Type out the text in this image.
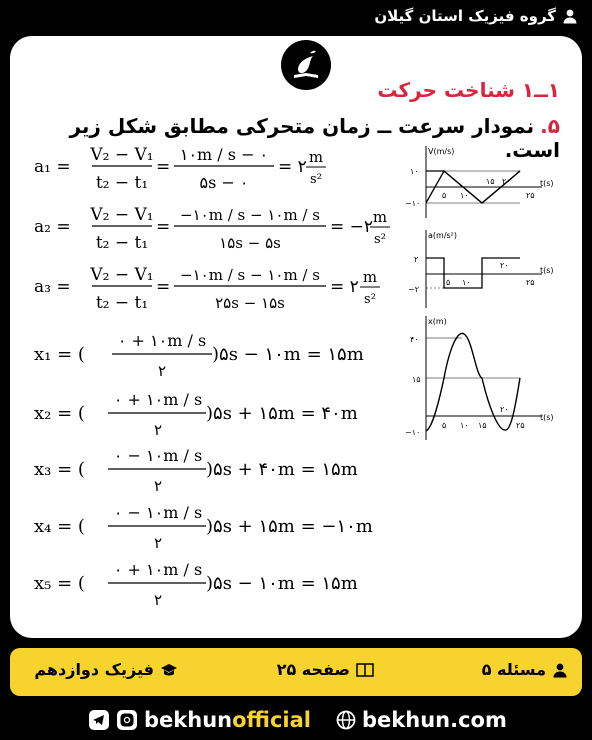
گروه فیزیک استان گیلان
۱ــ۱ شناخت حرکت
۵.نمودار سرعت ــ زمان متحرکی مطابق شکل زیر است.
a₁ =
V₂ − V₁
t₂ − t₁
=
۱۰m / s − ۰
۵s − ۰
= ۲ m
s²
a₂ =
V₂ − V₁
t₂ − t₁
=
−۱۰m / s − ۱۰m / s
۱۵s − ۵s
= −۲ m
s²
a₃ =
V₂ − V₁
t₂ − t₁
=
−۱۰m / s − ۱۰m / s
۲۵s − ۱۵s
= ۲ m
s²
x₁ = (
۰ + ۱۰m / s
۲
)۵s − ۱۰m = ۱۵m
x₂ = (
۰ + ۱۰m / s
۲
)۵s + ۱۵m = ۴۰m
x₃ = (
۰ − ۱۰m / s
۲
)۵s + ۴۰m = ۱۵m
x₄ = (
۰ − ۱۰m / s
۲
)۵s + ۱۵m = −۱۰m
x₅ = (
۰ + ۱۰m / s
۲
)۵s − ۱۰m = ۱۵m
V(m/s)
t(s)
۱۰
−۱۰
۵ ۱۰
۱۵ ۲۰
۲۵
a(m/s²)
t(s)
۲
−۲
۵ ۱۰
۲۰
۲۵
x(m)
t(s)
۴۰
۱۵
−۱۰
۵ ۱۰ ۱۵
۲۰
۲۵
مسئله ۵
صفحه ۲۵
فیزیک دوازدهم
bekhun official bekhun.com
